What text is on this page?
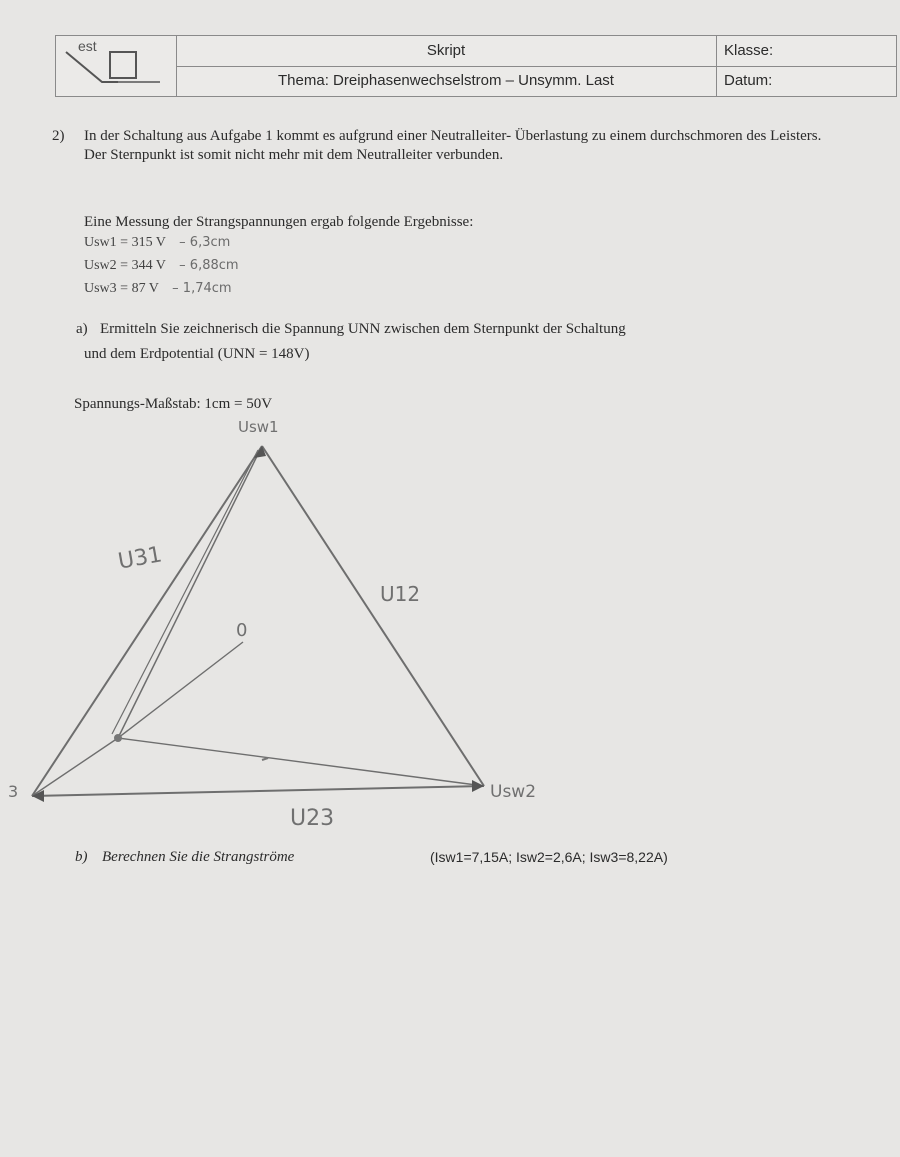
est	Skript	Klasse:
Thema: Dreiphasenwechselstrom – Unsymm. Last	Datum:
2) In der Schaltung aus Aufgabe 1 kommt es aufgrund einer Neutralleiter- Überlastung zu einem durchschmoren des Leisters. Der Sternpunkt ist somit nicht mehr mit dem Neutralleiter verbunden.
Eine Messung der Strangspannungen ergab folgende Ergebnisse:
Usw1 = 315 V – 6,3cm
Usw2 = 344 V – 6,88cm
Usw3 = 87 V – 1,74cm
a) Ermitteln Sie zeichnerisch die Spannung UNN zwischen dem Sternpunkt der Schaltung
und dem Erdpotential (UNN = 148V)
Spannungs-Maßstab: 1cm = 50V
Usw1
U31
U12
0
Usw2
3
U23
b) Berechnen Sie die Strangströme	(Isw1=7,15A; Isw2=2,6A; Isw3=8,22A)
